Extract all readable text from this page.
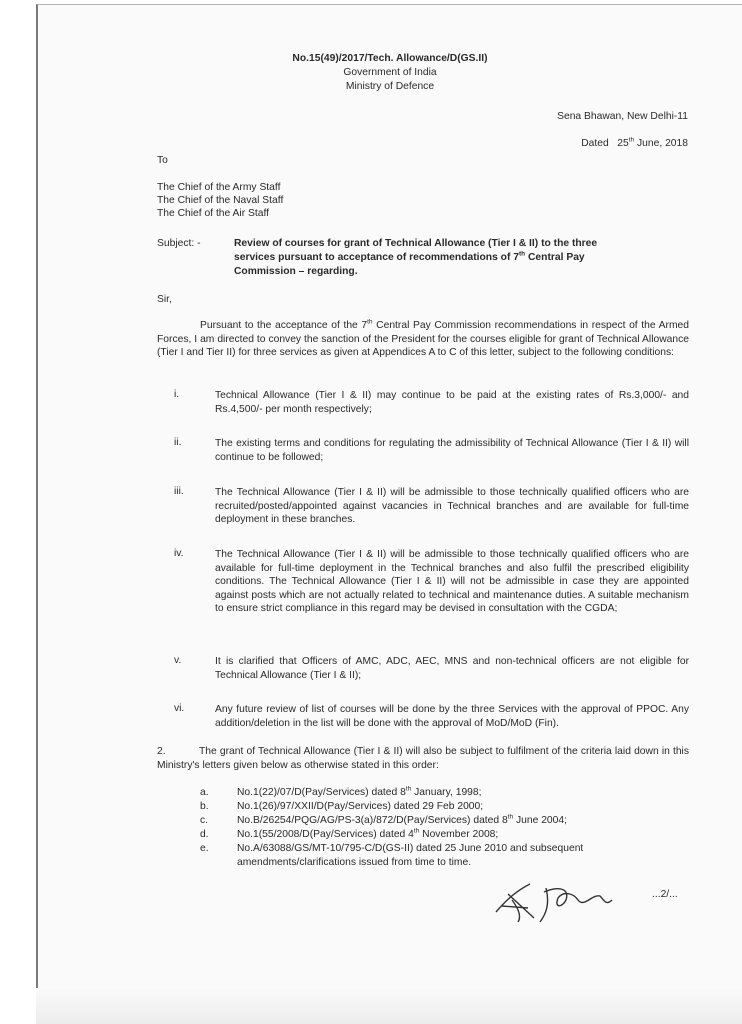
No.15(49)/2017/Tech. Allowance/D(GS.II)
Government of India
Ministry of Defence
Sena Bhawan, New Delhi-11
Dated 25th June, 2018
To
The Chief of the Army Staff
The Chief of the Naval Staff
The Chief of the Air Staff
Subject: -	Review of courses for grant of Technical Allowance (Tier I & II) to the three
services pursuant to acceptance of recommendations of 7th Central Pay
Commission – regarding.
Sir,
Pursuant to the acceptance of the 7th Central Pay Commission recommendations in respect of the Armed Forces, I am directed to convey the sanction of the President for the courses eligible for grant of Technical Allowance (Tier I and Tier II) for three services as given at Appendices A to C of this letter, subject to the following conditions:
i.	Technical Allowance (Tier I & II) may continue to be paid at the existing rates of Rs.3,000/- and Rs.4,500/- per month respectively;
ii.	The existing terms and conditions for regulating the admissibility of Technical Allowance (Tier I & II) will continue to be followed;
iii.	The Technical Allowance (Tier I & II) will be admissible to those technically qualified officers who are recruited/posted/appointed against vacancies in Technical branches and are available for full-time deployment in these branches.
iv.	The Technical Allowance (Tier I & II) will be admissible to those technically qualified officers who are available for full-time deployment in the Technical branches and also fulfil the prescribed eligibility conditions. The Technical Allowance (Tier I & II) will not be admissible in case they are appointed against posts which are not actually related to technical and maintenance duties. A suitable mechanism to ensure strict compliance in this regard may be devised in consultation with the CGDA;
v.	It is clarified that Officers of AMC, ADC, AEC, MNS and non-technical officers are not eligible for Technical Allowance (Tier I & II);
vi.	Any future review of list of courses will be done by the three Services with the approval of PPOC. Any addition/deletion in the list will be done with the approval of MoD/MoD (Fin).
2.	The grant of Technical Allowance (Tier I & II) will also be subject to fulfilment of the criteria laid down in this Ministry's letters given below as otherwise stated in this order:
a.	No.1(22)/07/D(Pay/Services) dated 8th January, 1998;
b.	No.1(26)/97/XXII/D(Pay/Services) dated 29 Feb 2000;
c.	No.B/26254/PQG/AG/PS-3(a)/872/D(Pay/Services) dated 8th June 2004;
d.	No.1(55/2008/D(Pay/Services) dated 4th November 2008;
e.	No.A/63088/GS/MT-10/795-C/D(GS-II) dated 25 June 2010 and subsequent
amendments/clarifications issued from time to time.
...2/...
